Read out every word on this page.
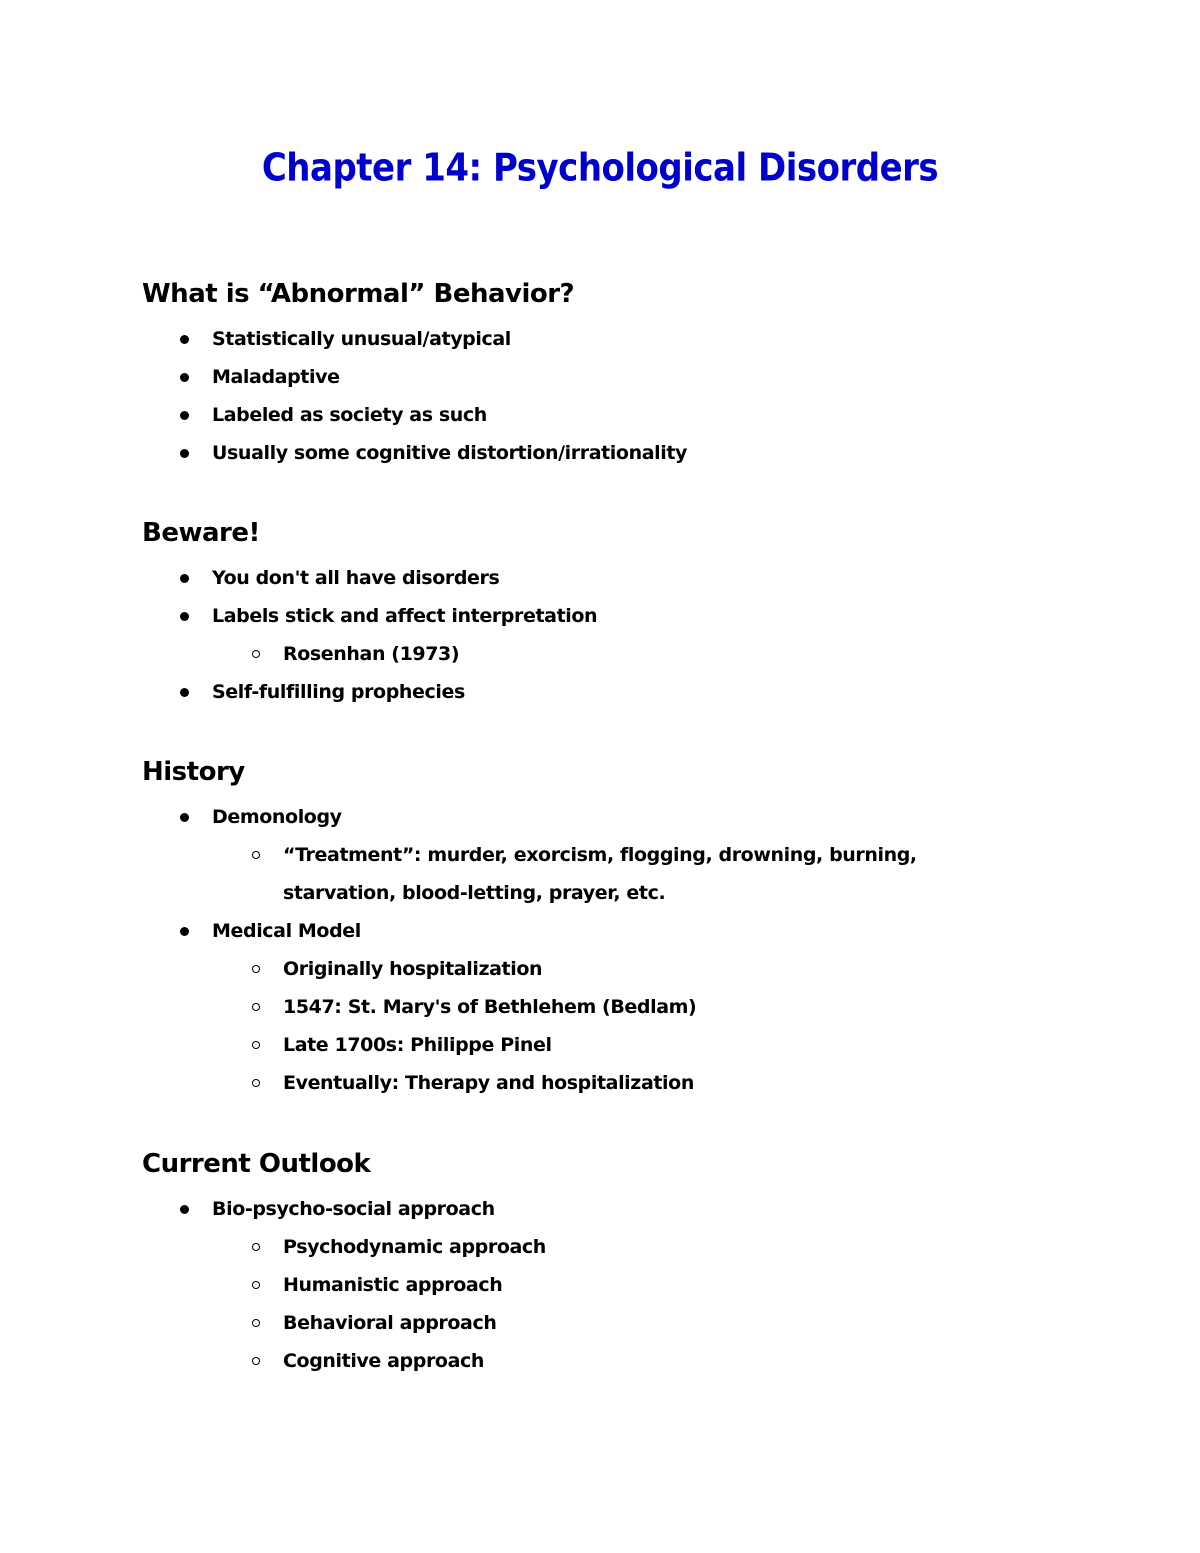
Chapter 14: Psychological Disorders
What is “Abnormal” Behavior?
Statistically unusual/atypical
Maladaptive
Labeled as society as such
Usually some cognitive distortion/irrationality
Beware!
You don't all have disorders
Labels stick and affect interpretation
Rosenhan (1973)
Self-fulfilling prophecies
History
Demonology
“Treatment”: murder, exorcism, flogging, drowning, burning, starvation, blood-letting, prayer, etc.
Medical Model
Originally hospitalization
1547: St. Mary's of Bethlehem (Bedlam)
Late 1700s: Philippe Pinel
Eventually: Therapy and hospitalization
Current Outlook
Bio-psycho-social approach
Psychodynamic approach
Humanistic approach
Behavioral approach
Cognitive approach
